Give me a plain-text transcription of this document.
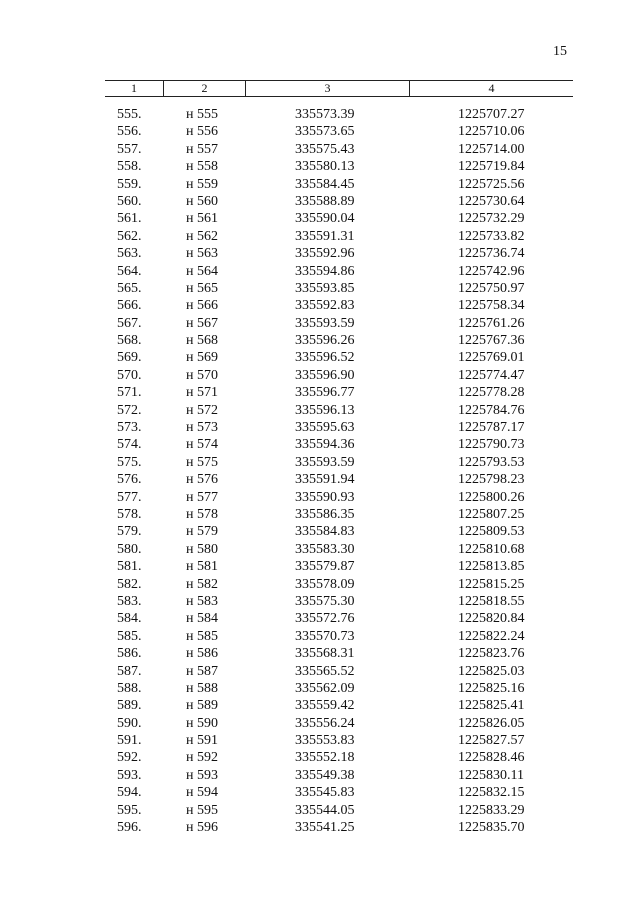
15
1	2	3	4
555.	н 555	335573.39	1225707.27
556.	н 556	335573.65	1225710.06
557.	н 557	335575.43	1225714.00
558.	н 558	335580.13	1225719.84
559.	н 559	335584.45	1225725.56
560.	н 560	335588.89	1225730.64
561.	н 561	335590.04	1225732.29
562.	н 562	335591.31	1225733.82
563.	н 563	335592.96	1225736.74
564.	н 564	335594.86	1225742.96
565.	н 565	335593.85	1225750.97
566.	н 566	335592.83	1225758.34
567.	н 567	335593.59	1225761.26
568.	н 568	335596.26	1225767.36
569.	н 569	335596.52	1225769.01
570.	н 570	335596.90	1225774.47
571.	н 571	335596.77	1225778.28
572.	н 572	335596.13	1225784.76
573.	н 573	335595.63	1225787.17
574.	н 574	335594.36	1225790.73
575.	н 575	335593.59	1225793.53
576.	н 576	335591.94	1225798.23
577.	н 577	335590.93	1225800.26
578.	н 578	335586.35	1225807.25
579.	н 579	335584.83	1225809.53
580.	н 580	335583.30	1225810.68
581.	н 581	335579.87	1225813.85
582.	н 582	335578.09	1225815.25
583.	н 583	335575.30	1225818.55
584.	н 584	335572.76	1225820.84
585.	н 585	335570.73	1225822.24
586.	н 586	335568.31	1225823.76
587.	н 587	335565.52	1225825.03
588.	н 588	335562.09	1225825.16
589.	н 589	335559.42	1225825.41
590.	н 590	335556.24	1225826.05
591.	н 591	335553.83	1225827.57
592.	н 592	335552.18	1225828.46
593.	н 593	335549.38	1225830.11
594.	н 594	335545.83	1225832.15
595.	н 595	335544.05	1225833.29
596.	н 596	335541.25	1225835.70
